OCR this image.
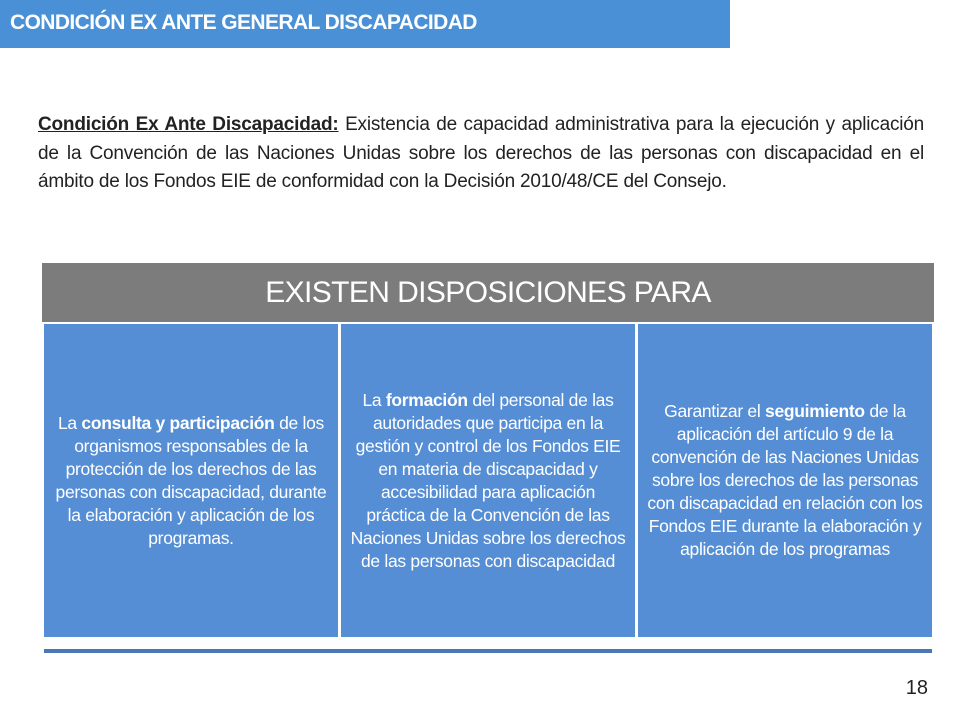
CONDICIÓN EX ANTE GENERAL DISCAPACIDAD

Condición Ex Ante Discapacidad: Existencia de capacidad administrativa para la ejecución y aplicación de la Convención de las Naciones Unidas sobre los derechos de las personas con discapacidad en el ámbito de los Fondos EIE de conformidad con la Decisión 2010/48/CE del Consejo.

EXISTEN DISPOSICIONES PARA
La consulta y participación de los organismos responsables de la protección de los derechos de las personas con discapacidad, durante la elaboración y aplicación de los programas.
La formación del personal de las autoridades que participa en la gestión y control de los Fondos EIE en materia de discapacidad y accesibilidad para aplicación práctica de la Convención de las Naciones Unidas sobre los derechos de las personas con discapacidad
Garantizar el seguimiento de la aplicación del artículo 9 de la convención de las Naciones Unidas sobre los derechos de las personas con discapacidad en relación con los Fondos EIE durante la elaboración y aplicación de los programas
18
